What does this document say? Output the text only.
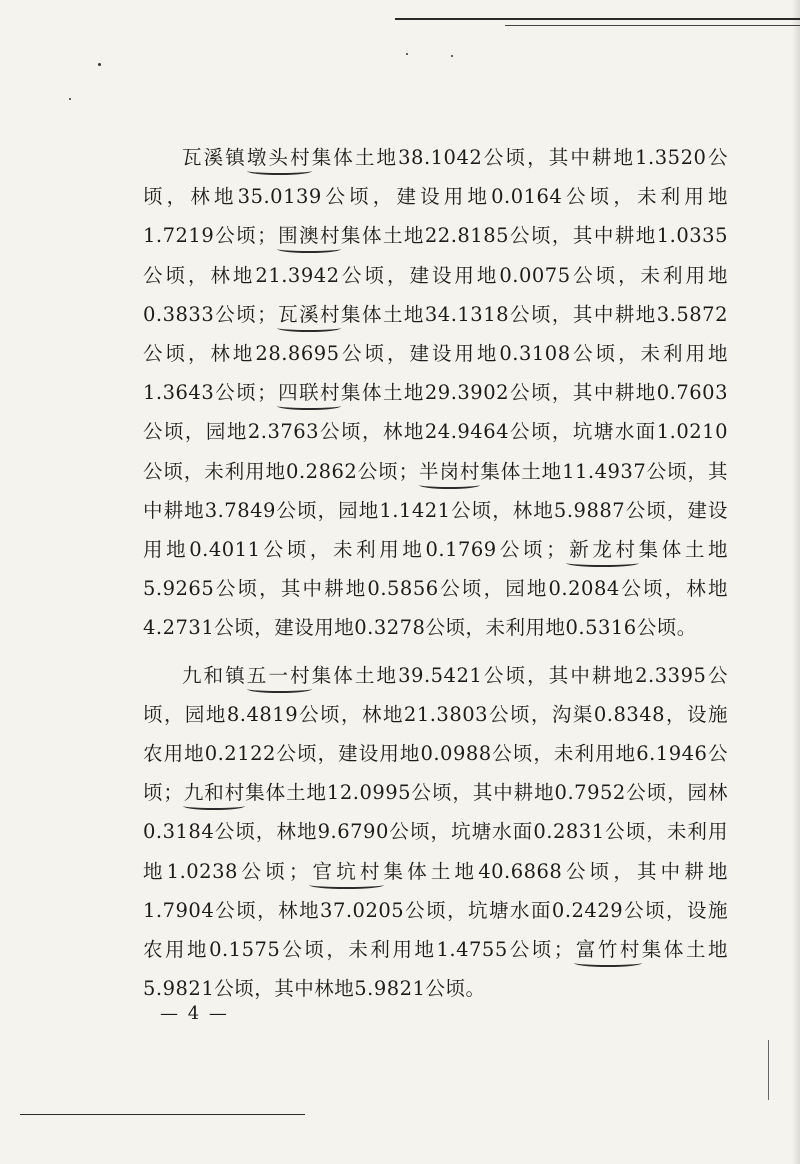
瓦溪镇墩头村集体土地38.1042公顷，其中耕地1.3520公顷，林地35.0139公顷，建设用地0.0164公顷，未利用地1.7219公顷；围澳村集体土地22.8185公顷，其中耕地1.0335公顷，林地21.3942公顷，建设用地0.0075公顷，未利用地0.3833公顷；瓦溪村集体土地34.1318公顷，其中耕地3.5872公顷，林地28.8695公顷，建设用地0.3108公顷，未利用地1.3643公顷；四联村集体土地29.3902公顷，其中耕地0.7603公顷，园地2.3763公顷，林地24.9464公顷，坑塘水面1.0210公顷，未利用地0.2862公顷；半岗村集体土地11.4937公顷，其中耕地3.7849公顷，园地1.1421公顷，林地5.9887公顷，建设用地0.4011公顷，未利用地0.1769公顷；新龙村集体土地5.9265公顷，其中耕地0.5856公顷，园地0.2084公顷，林地4.2731公顷，建设用地0.3278公顷，未利用地0.5316公顷。

九和镇五一村集体土地39.5421公顷，其中耕地2.3395公顷，园地8.4819公顷，林地21.3803公顷，沟渠0.8348，设施农用地0.2122公顷，建设用地0.0988公顷，未利用地6.1946公顷；九和村集体土地12.0995公顷，其中耕地0.7952公顷，园林0.3184公顷，林地9.6790公顷，坑塘水面0.2831公顷，未利用地1.0238公顷；官坑村集体土地40.6868公顷，其中耕地1.7904公顷，林地37.0205公顷，坑塘水面0.2429公顷，设施农用地0.1575公顷，未利用地1.4755公顷；富竹村集体土地5.9821公顷，其中林地5.9821公顷。

— 4 —
